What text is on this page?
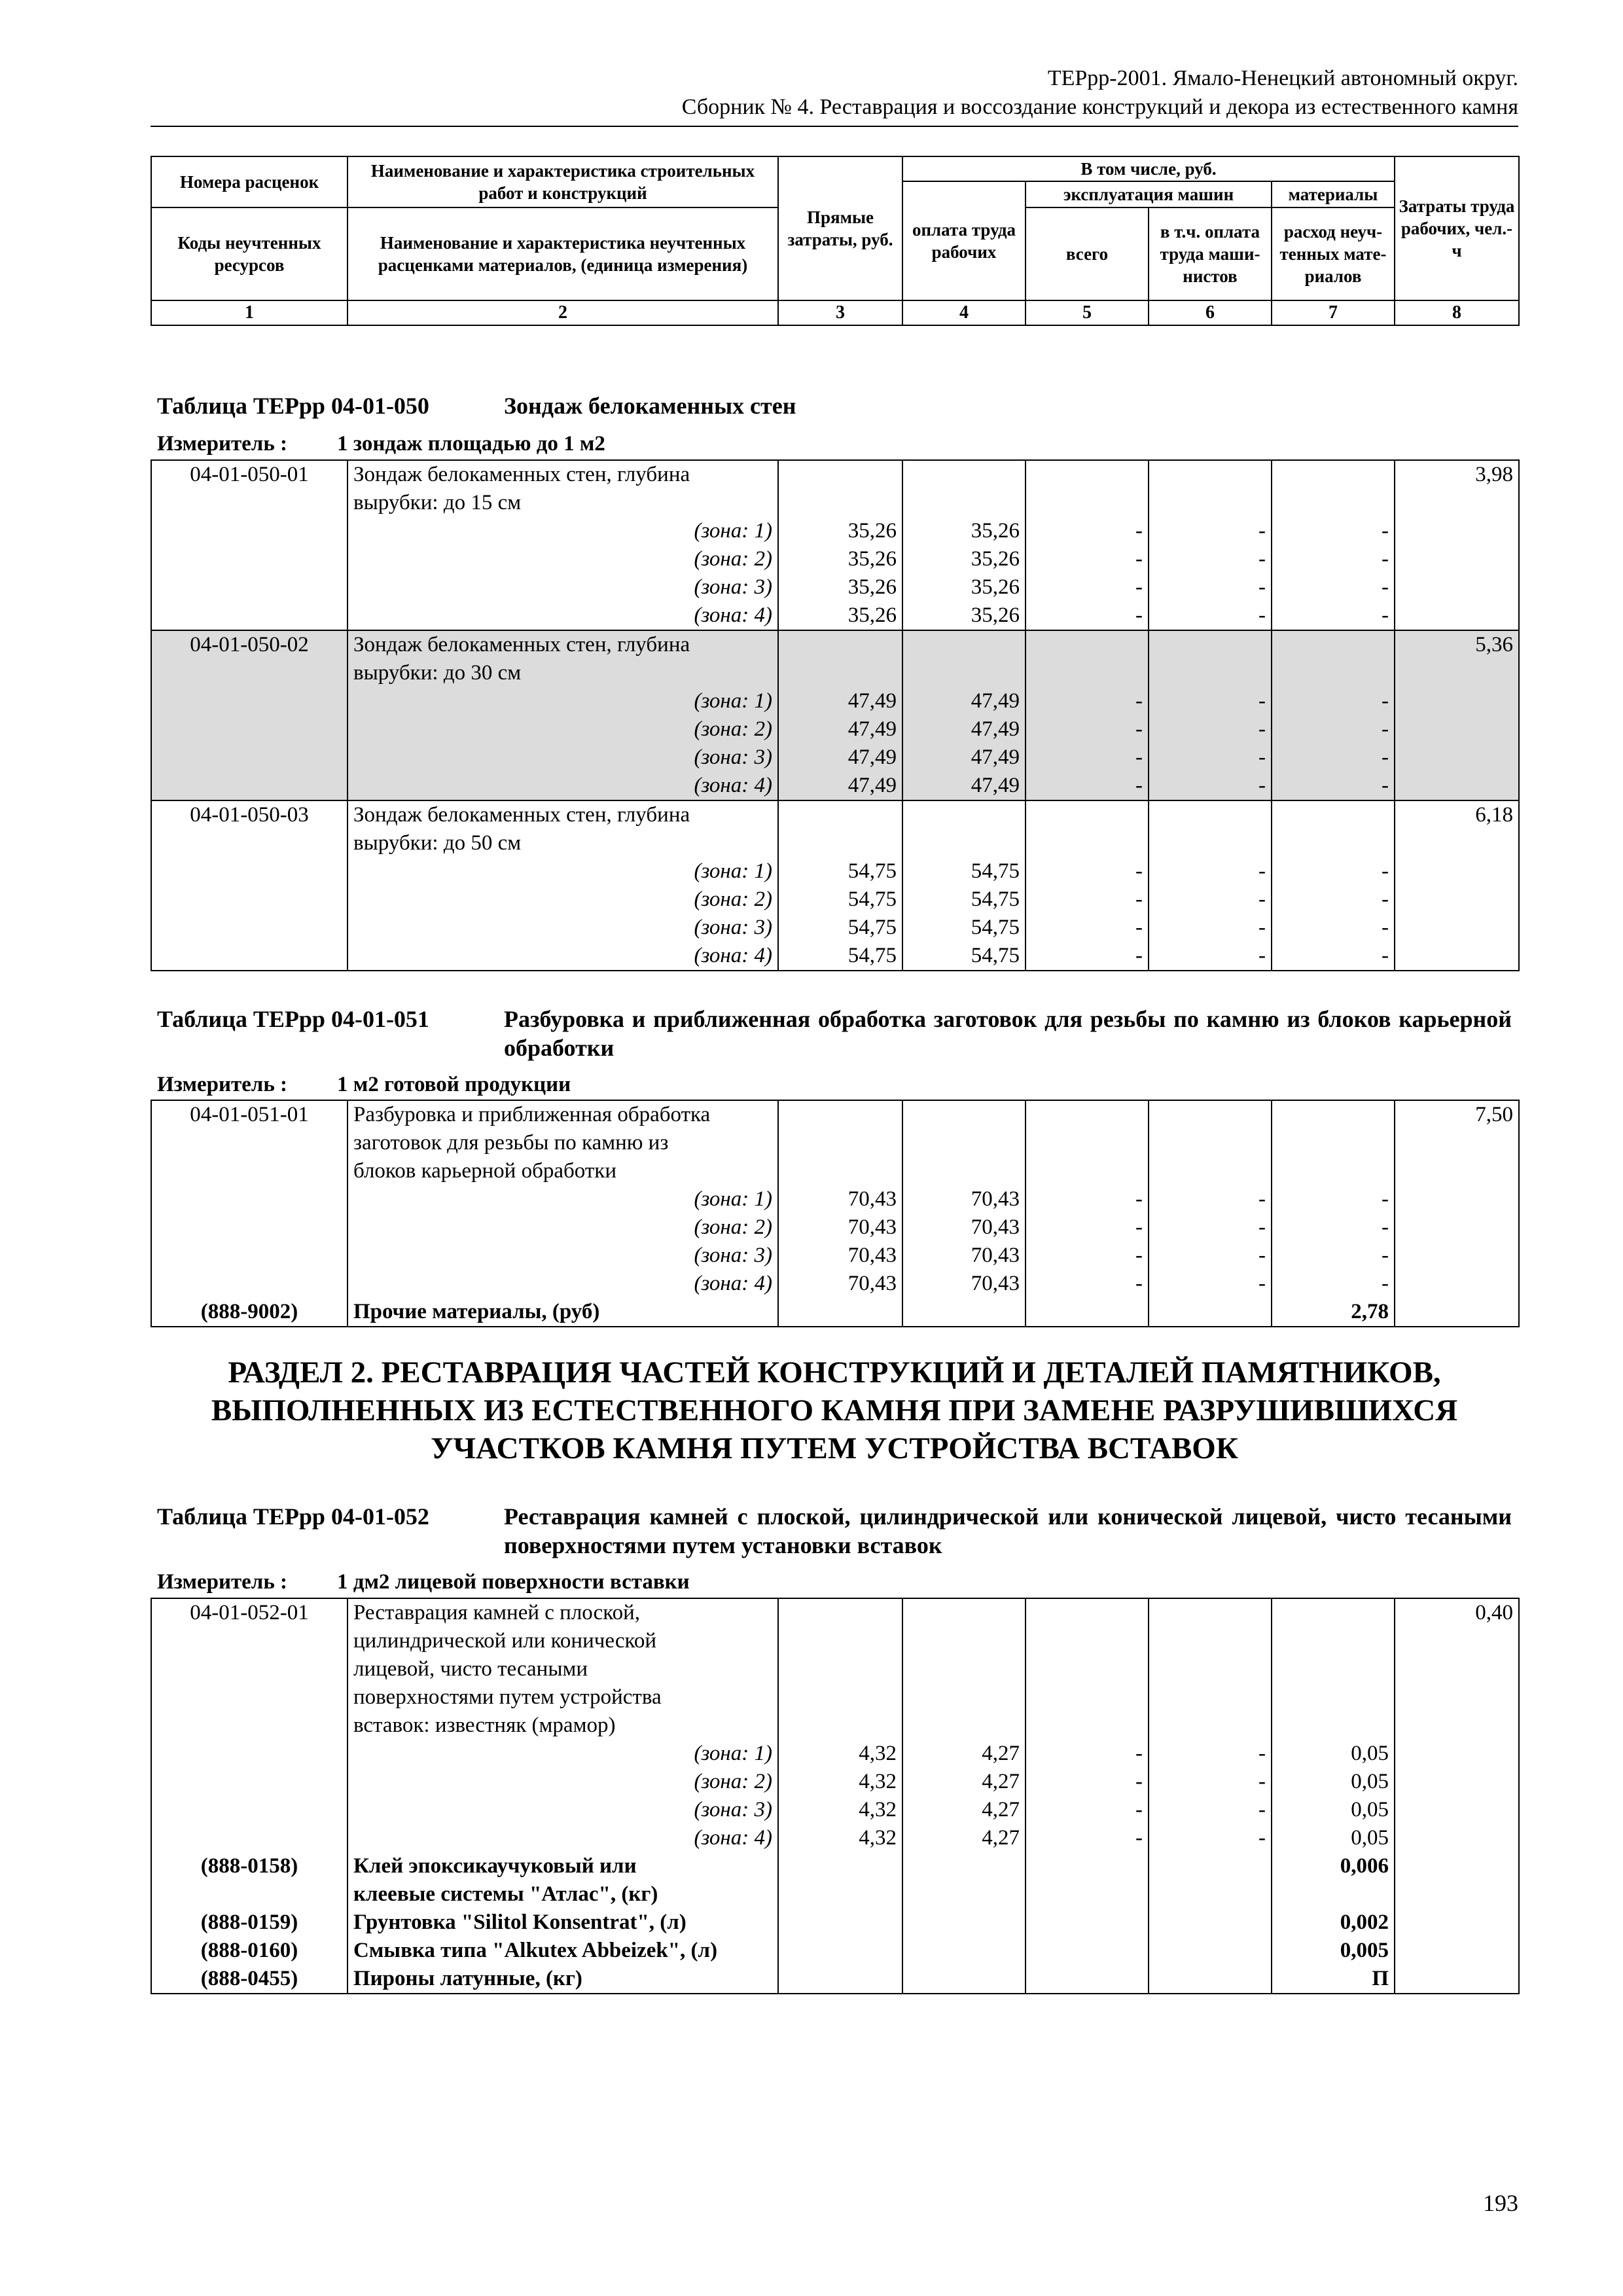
ТЕРрр-2001. Ямало-Ненецкий автономный округ.
Сборник № 4. Реставрация и воссоздание конструкций и декора из естественного камня
Номера расценок	Наименование и характеристика строительных работ и конструкций	Прямые затраты, руб.	В том числе, руб.				Затраты труда рабочих, чел.-ч
			оплата труда рабочих	эксплуатация машин		материалы	
Коды неучтенных ресурсов	Наименование и характеристика неучтенных расценками материалов, (единица измерения)			всего	в т.ч. оплата труда маши-нистов	расход неуч-тенных мате-риалов	

1	2	3	4	5	6	7	8
Таблица ТЕРрр 04-01-050	Зондаж белокаменных стен
Измеритель : 1 зондаж площадью до 1 м2
04-01-050-01	Зондаж белокаменных стен, глубина						3,98
	вырубки: до 15 см						
	(зона: 1)	35,26	35,26	-	-	-	
	(зона: 2)	35,26	35,26	-	-	-	
	(зона: 3)	35,26	35,26	-	-	-	
	(зона: 4)	35,26	35,26	-	-	-	
04-01-050-02	Зондаж белокаменных стен, глубина						5,36
	вырубки: до 30 см						
	(зона: 1)	47,49	47,49	-	-	-	
	(зона: 2)	47,49	47,49	-	-	-	
	(зона: 3)	47,49	47,49	-	-	-	
	(зона: 4)	47,49	47,49	-	-	-	
04-01-050-03	Зондаж белокаменных стен, глубина						6,18
	вырубки: до 50 см						
	(зона: 1)	54,75	54,75	-	-	-	
	(зона: 2)	54,75	54,75	-	-	-	
	(зона: 3)	54,75	54,75	-	-	-	
	(зона: 4)	54,75	54,75	-	-	-	
Таблица ТЕРрр 04-01-051	Разбуровка и приближенная обработка заготовок для резьбы по камню из блоков карьерной обработки
Измеритель : 1 м2 готовой продукции
04-01-051-01	Разбуровка и приближенная обработка						7,50
	заготовок для резьбы по камню из						
	блоков карьерной обработки						
	(зона: 1)	70,43	70,43	-	-	-	
	(зона: 2)	70,43	70,43	-	-	-	
	(зона: 3)	70,43	70,43	-	-	-	
	(зона: 4)	70,43	70,43	-	-	-	
(888-9002)	Прочие материалы, (руб)					2,78	
РАЗДЕЛ 2. РЕСТАВРАЦИЯ ЧАСТЕЙ КОНСТРУКЦИЙ И ДЕТАЛЕЙ ПАМЯТНИКОВ,
ВЫПОЛНЕННЫХ ИЗ ЕСТЕСТВЕННОГО КАМНЯ ПРИ ЗАМЕНЕ РАЗРУШИВШИХСЯ
УЧАСТКОВ КАМНЯ ПУТЕМ УСТРОЙСТВА ВСТАВОК
Таблица ТЕРрр 04-01-052	Реставрация камней с плоской, цилиндрической или конической лицевой, чисто тесаными поверхностями путем установки вставок
Измеритель : 1 дм2 лицевой поверхности вставки
04-01-052-01	Реставрация камней с плоской,						0,40
	цилиндрической или конической						
	лицевой, чисто тесаными						
	поверхностями путем устройства						
	вставок: известняк (мрамор)						
	(зона: 1)	4,32	4,27	-	-	0,05	
	(зона: 2)	4,32	4,27	-	-	0,05	
	(зона: 3)	4,32	4,27	-	-	0,05	
	(зона: 4)	4,32	4,27	-	-	0,05	
(888-0158)	Клей эпоксикаучуковый или					0,006	
	клеевые системы "Атлас", (кг)						
(888-0159)	Грунтовка "Silitol Konsentrat", (л)					0,002	
(888-0160)	Смывка типа "Alkutex Abbeizek", (л)					0,005	
(888-0455)	Пироны латунные, (кг)					П	
193
